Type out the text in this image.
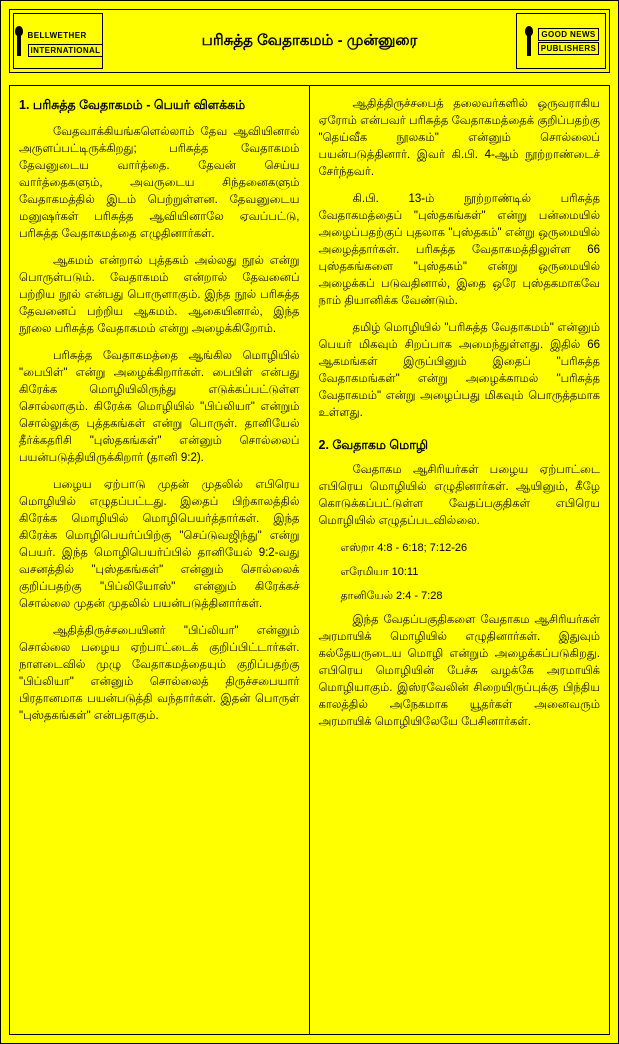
BELLWETHER
INTERNATIONAL
பரிசுத்த வேதாகமம் - முன்னுரை	GOOD NEWS
PUBLISHERS
1. பரிசுத்த வேதாகமம் - பெயர் விளக்கம்

வேதவாக்கியங்களெல்லாம் தேவ ஆவியினால் அருளப்பட்டிருக்கிறது; பரிசுத்த வேதாகமம் தேவனுடைய வார்த்தை. தேவன் செய்ய வார்த்தைகளும், அவருடைய சிந்தனைகளும் வேதாகமத்தில் இடம் பெற்றுள்ளன. தேவனுடைய மனுஷர்கள் பரிசுத்த ஆவியினாலே ஏவப்பட்டு, பரிசுத்த வேதாகமத்தை எழுதினார்கள்.

ஆகமம் என்றால் புத்தகம் அல்லது நூல் என்று பொருள்படும். வேதாகமம் என்றால் தேவனைப் பற்றிய நூல் என்பது பொருளாகும். இந்த நூல் பரிசுத்த தேவனைப் பற்றிய ஆகமம். ஆகையினால், இந்த நூலை பரிசுத்த வேதாகமம் என்று அழைக்கிறோம்.

பரிசுத்த வேதாகமத்தை ஆங்கில மொழியில் "பைபிள்" என்று அழைக்கிறார்கள். பைபிள் என்பது கிரேக்க மொழியிலிருந்து எடுக்கப்பட்டுள்ள சொல்லாகும். கிரேக்க மொழியில் "பிப்லியா" என்றும் சொல்லுக்கு புத்தகங்கள் என்று பொருள். தானியேல் தீர்க்கதரிசி "புஸ்தகங்கள்" என்னும் சொல்லைப் பயன்படுத்தியிருக்கிறார் (தானி 9:2).

பழைய ஏற்பாடு முதன் முதலில் எபிரெய மொழியில் எழுதப்பட்டது. இதைப் பிற்காலத்தில் கிரேக்க மொழியில் மொழிபெயர்த்தார்கள். இந்த கிரேக்க மொழிபெயர்ப்பிற்கு "செப்டுவஜிந்து" என்று பெயர். இந்த மொழிபெயர்ப்பில் தானியேல் 9:2-வது வசனத்தில் "புஸ்தகங்கள்" என்னும் சொல்லைக் குறிப்பதற்கு "பிப்லியோஸ்" என்னும் கிரேக்கச் சொல்லை முதன் முதலில் பயன்படுத்தினார்கள்.

ஆதித்திருச்சபையினர் "பிப்லியா" என்னும் சொல்லை பழைய ஏற்பாட்டைக் குறிப்பிட்டார்கள். நாளடைவில் முழு வேதாகமத்தையும் குறிப்பதற்கு "பிப்லியா" என்னும் சொல்லைத் திருச்சபையார் பிரதானமாக பயன்படுத்தி வந்தார்கள். இதன் பொருள் "புஸ்தகங்கள்" என்பதாகும்.

ஆதித்திருச்சபைத் தலைவர்களில் ஒருவராகிய ஏரோம் என்பவர் பரிசுத்த வேதாகமத்தைக் குறிப்பதற்கு "தெய்வீக நூலகம்" என்னும் சொல்லைப் பயன்படுத்தினார். இவர் கி.பி. 4-ஆம் நூற்றாண்டைச் சேர்ந்தவர்.

கி.பி. 13-ம் நூற்றாண்டில் பரிசுத்த வேதாகமத்தைப் "புஸ்தகங்கள்" என்று பன்மையில் அழைப்பதற்குப் புதலாக "புஸ்தகம்" என்று ஒருமையில் அழைத்தார்கள். பரிசுத்த வேதாகமத்திலுள்ள 66 புஸ்தகங்களை "புஸ்தகம்" என்று ஒருமையில் அழைக்கப் படுவதினால், இதை ஒரே புஸ்தகமாகவே நாம் தியானிக்க வேண்டும்.

தமிழ் மொழியில் "பரிசுத்த வேதாகமம்" என்னும் பெயர் மிகவும் சிறப்பாக அமைந்துள்ளது. இதில் 66 ஆகமங்கள் இருப்பினும் இதைப் "பரிசுத்த வேதாகமங்கள்" என்று அழைக்காமல் "பரிசுத்த வேதாகமம்" என்று அழைப்பது மிகவும் பொருத்தமாக உள்ளது.

2. வேதாகம மொழி

வேதாகம ஆசிரியர்கள் பழைய ஏற்பாட்டை எபிரெய மொழியில் எழுதினார்கள். ஆயினும், கீழே கொடுக்கப்பட்டுள்ள வேதப்பகுதிகள் எபிரெய மொழியில் எழுதப்படவில்லை.

எஸ்றா 4:8 - 6:18; 7:12-26

எரேமியா 10:11

தானியேல் 2:4 - 7:28

இந்த வேதப்பகுதிகளை வேதாகம ஆசிரியர்கள் அரமாயிக் மொழியில் எழுதினார்கள். இதுவும் கல்தேயருடைய மொழி என்றும் அழைக்கப்படுகிறது. எபிரெய மொழியின் பேச்சு வழக்கே அரமாயிக் மொழியாகும். இஸ்ரவேலின் சிறையிருப்புக்கு பிந்திய காலத்தில் அநேகமாக யூதர்கள் அனைவரும் அரமாயிக் மொழியிலேயே பேசினார்கள்.
